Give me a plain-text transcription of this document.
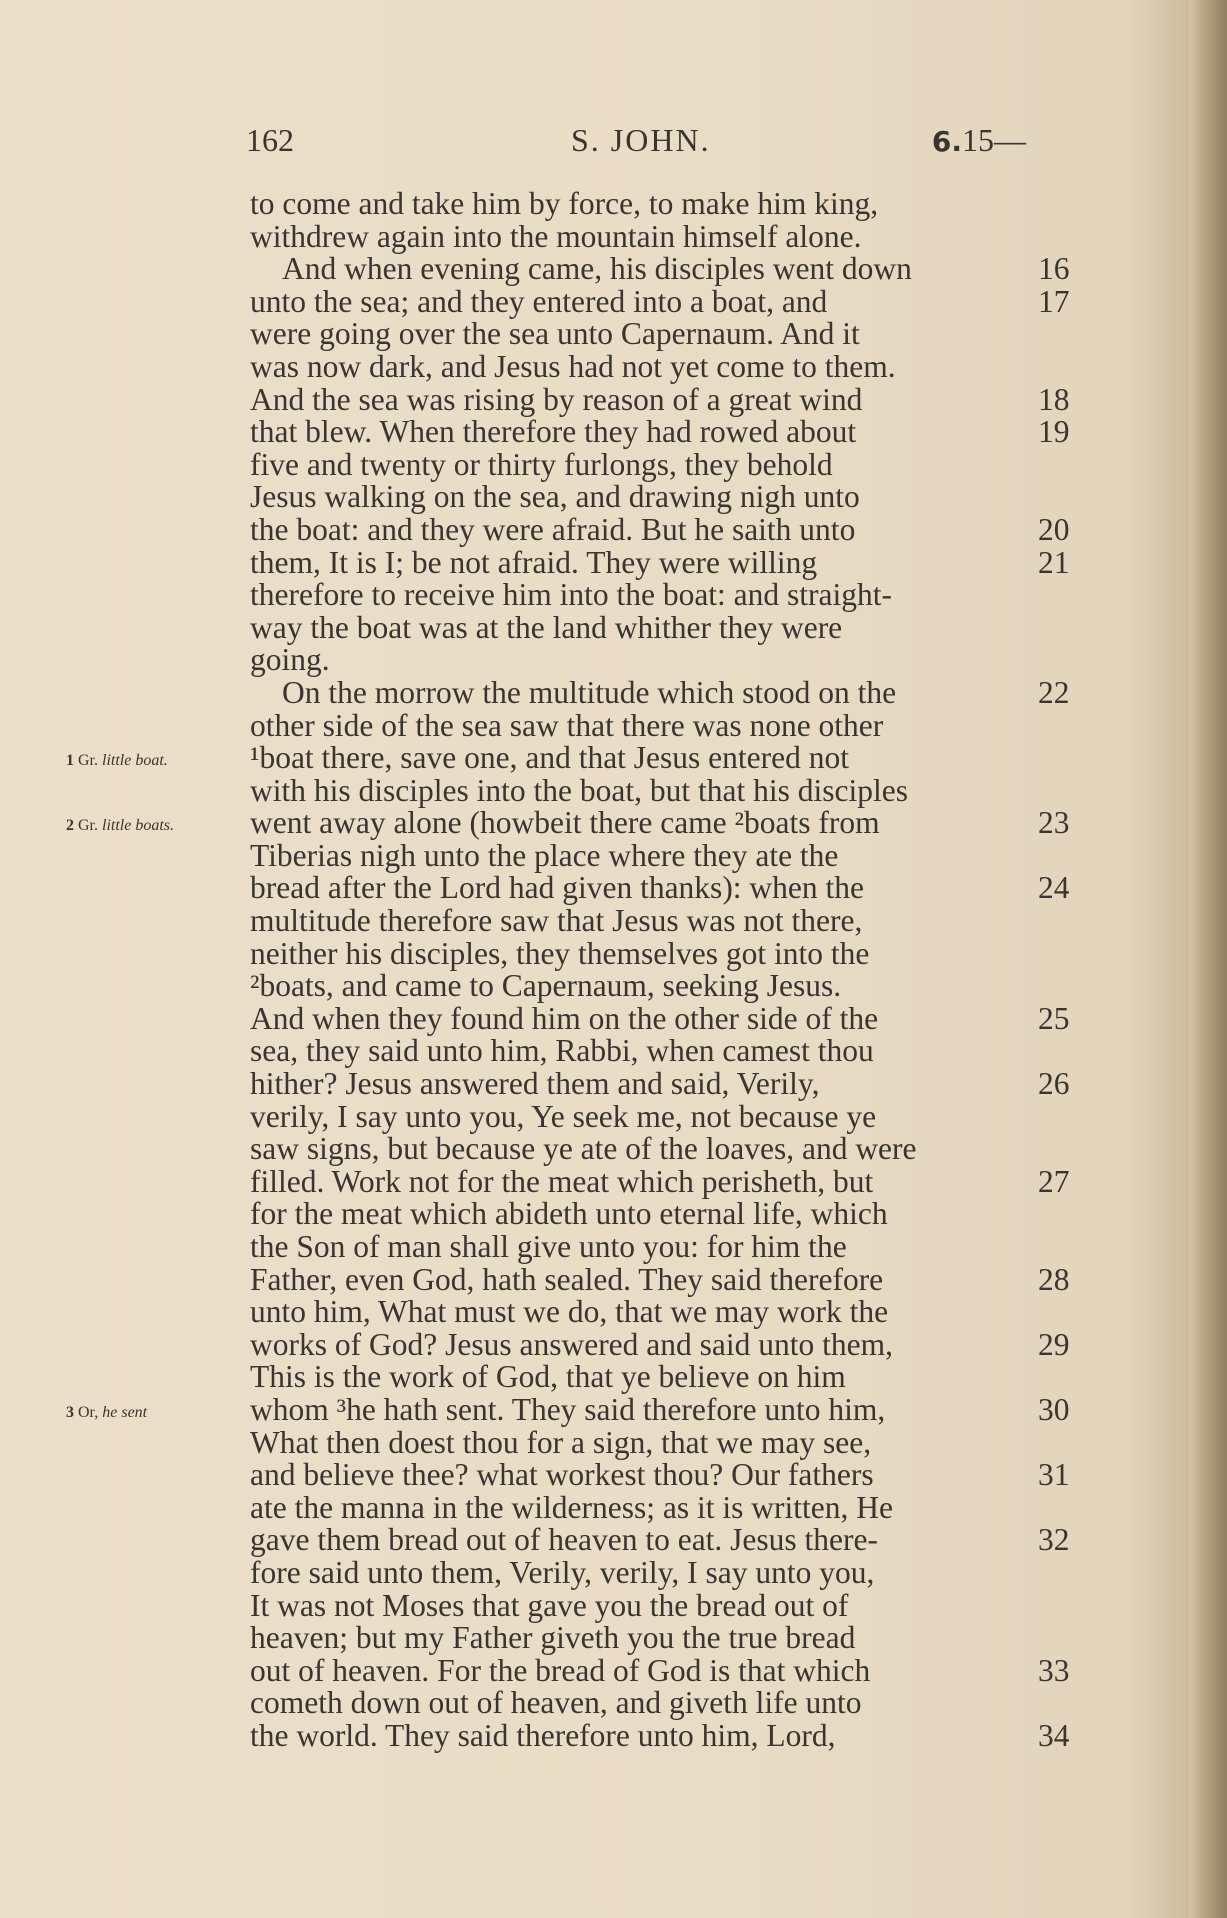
162	S. JOHN.	6.15—
1 Gr. little boat.
2 Gr. little boats.
3 Or, he sent
to come and take him by force, to make him king,
withdrew again into the mountain himself alone.
And when evening came, his disciples went down	16
unto the sea; and they entered into a boat, and	17
were going over the sea unto Capernaum. And it
was now dark, and Jesus had not yet come to them.
And the sea was rising by reason of a great wind	18
that blew. When therefore they had rowed about	19
five and twenty or thirty furlongs, they behold
Jesus walking on the sea, and drawing nigh unto
the boat: and they were afraid. But he saith unto	20
them, It is I; be not afraid. They were willing	21
therefore to receive him into the boat: and straight-
way the boat was at the land whither they were
going.
On the morrow the multitude which stood on the	22
other side of the sea saw that there was none other
¹boat there, save one, and that Jesus entered not
with his disciples into the boat, but that his disciples
went away alone (howbeit there came ²boats from	23
Tiberias nigh unto the place where they ate the
bread after the Lord had given thanks): when the	24
multitude therefore saw that Jesus was not there,
neither his disciples, they themselves got into the
²boats, and came to Capernaum, seeking Jesus.
And when they found him on the other side of the	25
sea, they said unto him, Rabbi, when camest thou
hither? Jesus answered them and said, Verily,	26
verily, I say unto you, Ye seek me, not because ye
saw signs, but because ye ate of the loaves, and were
filled. Work not for the meat which perisheth, but	27
for the meat which abideth unto eternal life, which
the Son of man shall give unto you: for him the
Father, even God, hath sealed. They said therefore	28
unto him, What must we do, that we may work the
works of God? Jesus answered and said unto them,	29
This is the work of God, that ye believe on him
whom ³he hath sent. They said therefore unto him,	30
What then doest thou for a sign, that we may see,
and believe thee? what workest thou? Our fathers	31
ate the manna in the wilderness; as it is written, He
gave them bread out of heaven to eat. Jesus there-	32
fore said unto them, Verily, verily, I say unto you,
It was not Moses that gave you the bread out of
heaven; but my Father giveth you the true bread
out of heaven. For the bread of God is that which	33
cometh down out of heaven, and giveth life unto
the world. They said therefore unto him, Lord,	34
